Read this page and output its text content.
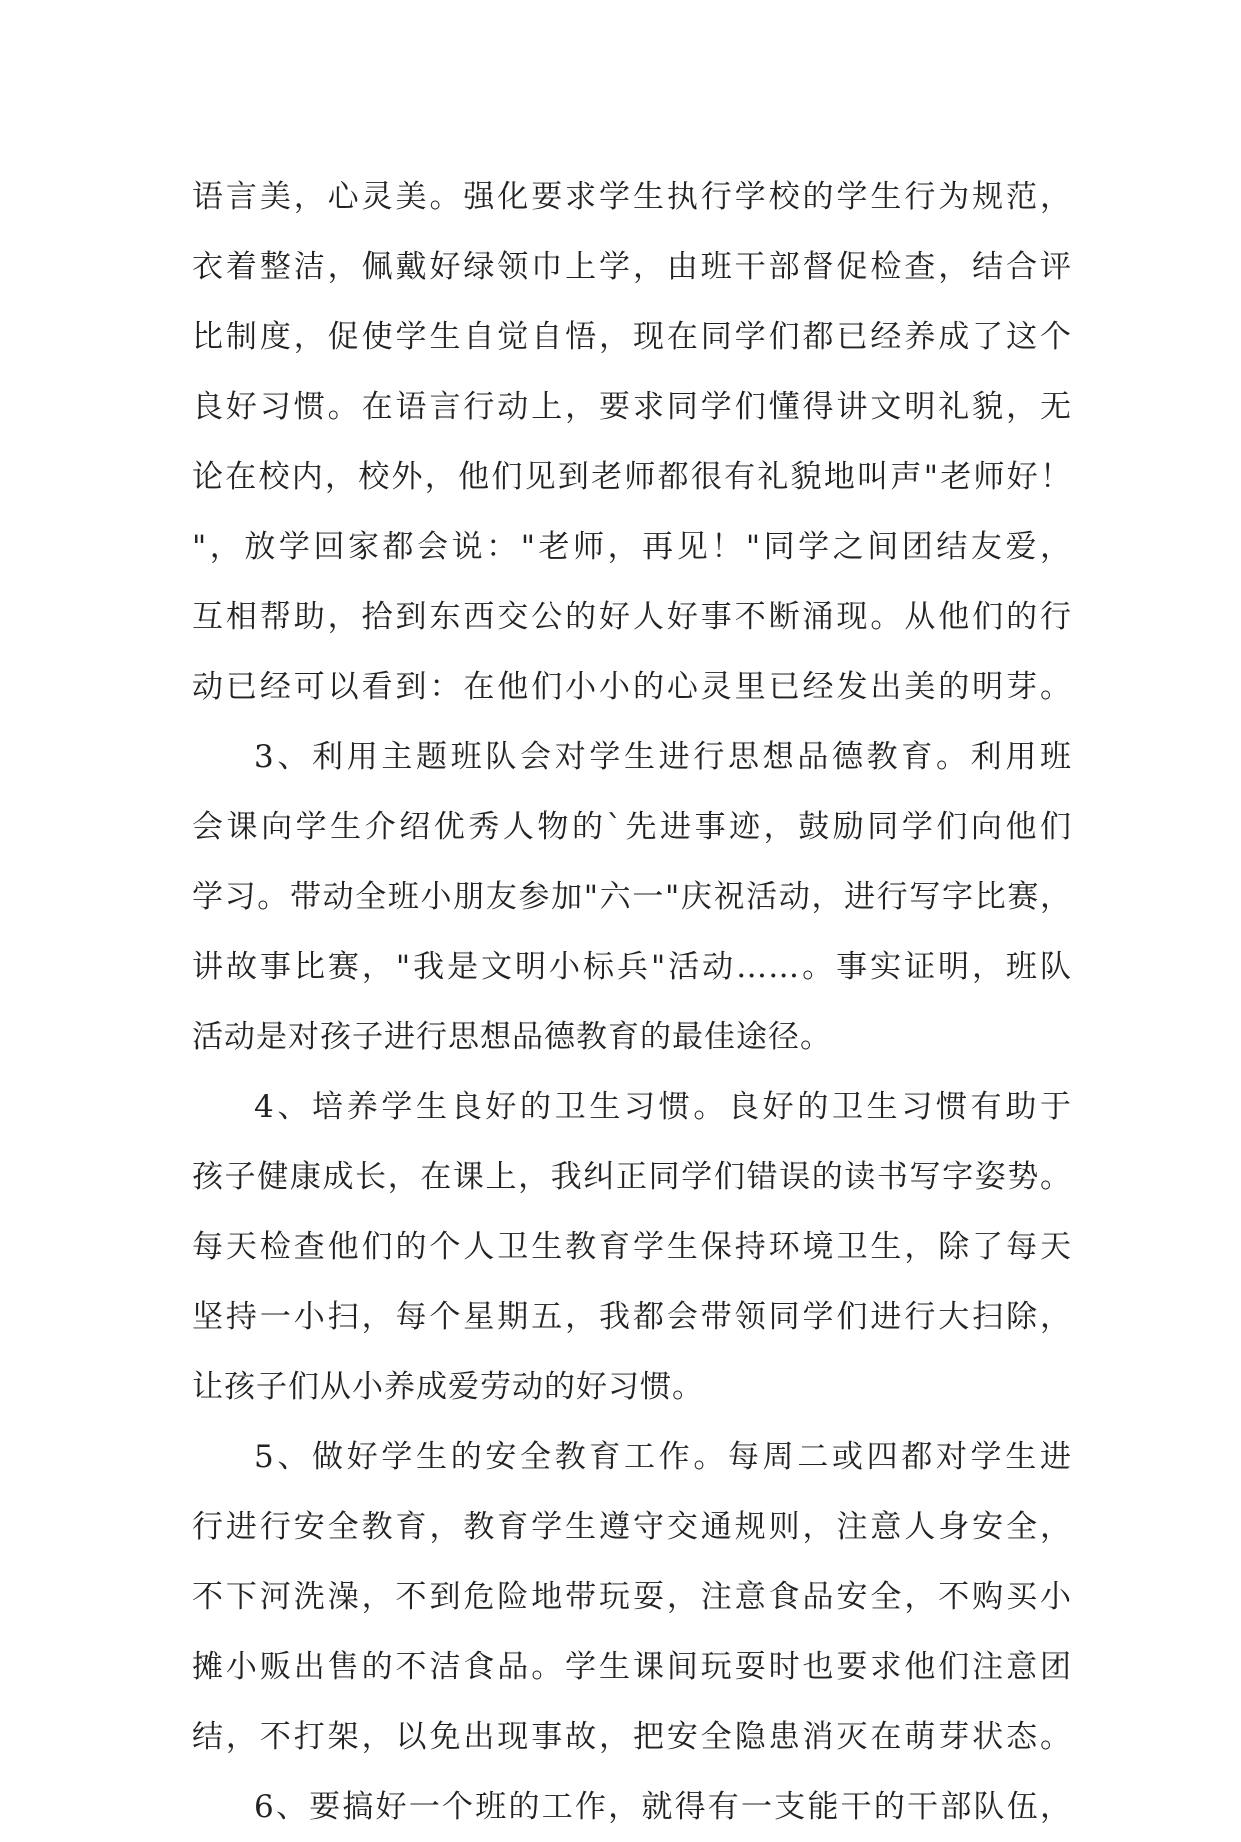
语言美，心灵美。强化要求学生执行学校的学生行为规范，
衣着整洁，佩戴好绿领巾上学，由班干部督促检查，结合评
比制度，促使学生自觉自悟，现在同学们都已经养成了这个
良好习惯。在语言行动上，要求同学们懂得讲文明礼貌，无
论在校内，校外，他们见到老师都很有礼貌地叫声"老师好！
"，放学回家都会说："老师，再见！"同学之间团结友爱，
互相帮助，拾到东西交公的好人好事不断涌现。从他们的行
动已经可以看到：在他们小小的心灵里已经发出美的明芽。
3、利用主题班队会对学生进行思想品德教育。利用班
会课向学生介绍优秀人物的`先进事迹，鼓励同学们向他们
学习。带动全班小朋友参加"六一"庆祝活动，进行写字比赛，
讲故事比赛，"我是文明小标兵"活动……。事实证明，班队
活动是对孩子进行思想品德教育的最佳途径。
4、培养学生良好的卫生习惯。良好的卫生习惯有助于
孩子健康成长，在课上，我纠正同学们错误的读书写字姿势。
每天检查他们的个人卫生教育学生保持环境卫生，除了每天
坚持一小扫，每个星期五，我都会带领同学们进行大扫除，
让孩子们从小养成爱劳动的好习惯。
5、做好学生的安全教育工作。每周二或四都对学生进
行进行安全教育，教育学生遵守交通规则，注意人身安全，
不下河洗澡，不到危险地带玩耍，注意食品安全，不购买小
摊小贩出售的不洁食品。学生课间玩耍时也要求他们注意团
结，不打架，以免出现事故，把安全隐患消灭在萌芽状态。
6、要搞好一个班的工作，就得有一支能干的干部队伍，
